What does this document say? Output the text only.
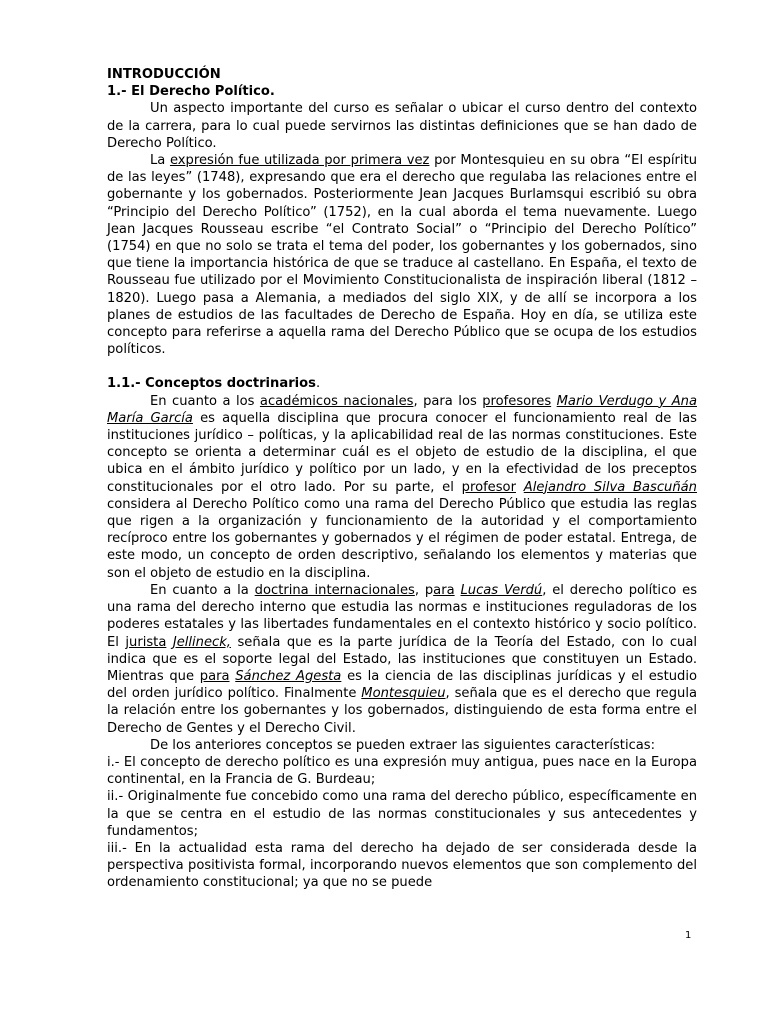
INTRODUCCIÓN

1.- El Derecho Político.

Un aspecto importante del curso es señalar o ubicar el curso dentro del contexto de la carrera, para lo cual puede servirnos las distintas definiciones que se han dado de Derecho Político.

La expresión fue utilizada por primera vez por Montesquieu en su obra “El espíritu de las leyes” (1748), expresando que era el derecho que regulaba las relaciones entre el gobernante y los gobernados. Posteriormente Jean Jacques Burlamsqui escribió su obra “Principio del Derecho Político” (1752), en la cual aborda el tema nuevamente. Luego Jean Jacques Rousseau escribe “el Contrato Social” o “Principio del Derecho Político” (1754) en que no solo se trata el tema del poder, los gobernantes y los gobernados, sino que tiene la importancia histórica de que se traduce al castellano. En España, el texto de Rousseau fue utilizado por el Movimiento Constitucionalista de inspiración liberal (1812 – 1820). Luego pasa a Alemania, a mediados del siglo XIX, y de allí se incorpora a los planes de estudios de las facultades de Derecho de España. Hoy en día, se utiliza este concepto para referirse a aquella rama del Derecho Público que se ocupa de los estudios políticos.

1.1.- Conceptos doctrinarios.

En cuanto a los académicos nacionales, para los profesores Mario Verdugo y Ana María García es aquella disciplina que procura conocer el funcionamiento real de las instituciones jurídico – políticas, y la aplicabilidad real de las normas constituciones. Este concepto se orienta a determinar cuál es el objeto de estudio de la disciplina, el que ubica en el ámbito jurídico y político por un lado, y en la efectividad de los preceptos constitucionales por el otro lado. Por su parte, el profesor Alejandro Silva Bascuñán considera al Derecho Político como una rama del Derecho Público que estudia las reglas que rigen a la organización y funcionamiento de la autoridad y el comportamiento recíproco entre los gobernantes y gobernados y el régimen de poder estatal. Entrega, de este modo, un concepto de orden descriptivo, señalando los elementos y materias que son el objeto de estudio en la disciplina.

En cuanto a la doctrina internacionales, para Lucas Verdú, el derecho político es una rama del derecho interno que estudia las normas e instituciones reguladoras de los poderes estatales y las libertades fundamentales en el contexto histórico y socio político. El jurista Jellineck, señala que es la parte jurídica de la Teoría del Estado, con lo cual indica que es el soporte legal del Estado, las instituciones que constituyen un Estado. Mientras que para Sánchez Agesta es la ciencia de las disciplinas jurídicas y el estudio del orden jurídico político. Finalmente Montesquieu, señala que es el derecho que regula la relación entre los gobernantes y los gobernados, distinguiendo de esta forma entre el Derecho de Gentes y el Derecho Civil.

De los anteriores conceptos se pueden extraer las siguientes características:

i.- El concepto de derecho político es una expresión muy antigua, pues nace en la Europa continental, en la Francia de G. Burdeau;

ii.- Originalmente fue concebido como una rama del derecho público, específicamente en la que se centra en el estudio de las normas constitucionales y sus antecedentes y fundamentos;

iii.- En la actualidad esta rama del derecho ha dejado de ser considerada desde la perspectiva positivista formal, incorporando nuevos elementos que son complemento del ordenamiento constitucional; ya que no se puede

1
